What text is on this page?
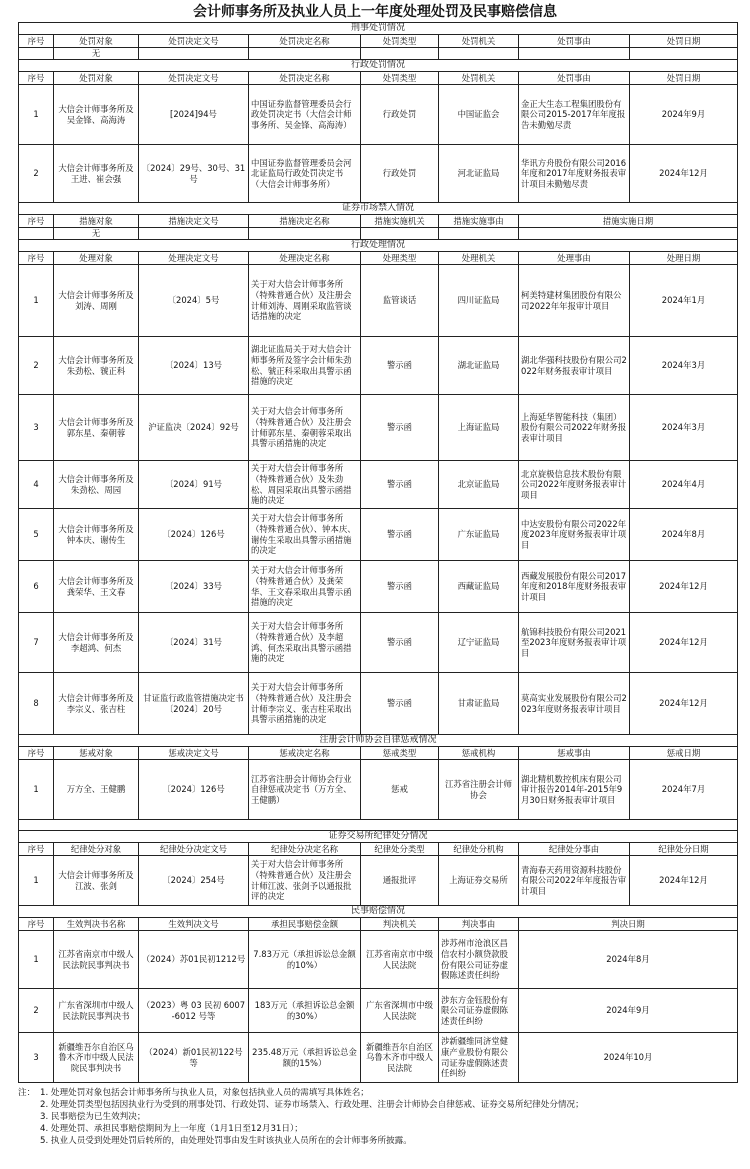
会计师事务所及执业人员上一年度处理处罚及民事赔偿信息
刑事处罚情况							
序号	处罚对象	处罚决定文号	处罚决定名称	处罚类型	处罚机关	处罚事由	处罚日期
	无						
行政处罚情况							
序号	处罚对象	处罚决定文号	处罚决定名称	处罚类型	处罚机关	处罚事由	处罚日期
1	大信会计师事务所及吴金锋、高海涛	[2024]94号	中国证券监督管理委员会行政处罚决定书（大信会计师事务所、吴金锋、高海涛）	行政处罚	中国证监会	金正大生态工程集团股份有限公司2015-2017年年度报告未勤勉尽责	2024年9月
2	大信会计师事务所及王进、崔会强	〔2024〕29号、30号、31号	中国证券监督管理委员会河北证监局行政处罚决定书（大信会计师事务所）	行政处罚	河北证监局	华讯方舟股份有限公司2016年度和2017年度财务报表审计项目未勤勉尽责	2024年12月
证券市场禁入情况							
序号	措施对象	措施决定文号	措施决定名称	措施实施机关	措施实施事由	措施实施日期	
	无						
行政处理情况							
序号	处理对象	处理决定文号	处理决定名称	处理类型	处理机关	处理事由	处理日期
1	大信会计师事务所及刘涛、周刚	〔2024〕5号	关于对大信会计师事务所（特殊普通合伙）及注册会计师刘涛、周刚采取监管谈话措施的决定	监管谈话	四川证监局	柯美特建材集团股份有限公司2022年年报审计项目	2024年1月
2	大信会计师事务所及朱劲松、虢正科	〔2024〕13号	湖北证监局关于对大信会计师事务所及签字会计师朱劲松、虢正科采取出具警示函措施的决定	警示函	湖北证监局	湖北华强科技股份有限公司2022年财务报表审计项目	2024年3月
3	大信会计师事务所及郭东星、秦朝蓉	沪证监决〔2024〕92号	关于对大信会计师事务所（特殊普通合伙）及注册会计师郭东星、秦朝蓉采取出具警示函措施的决定	警示函	上海证监局	上海延华智能科技（集团）股份有限公司2022年财务报表审计项目	2024年3月
4	大信会计师事务所及朱劲松、周园	〔2024〕91号	关于对大信会计师事务所（特殊普通合伙）及朱劲松、周园采取出具警示函措施的决定	警示函	北京证监局	北京旋极信息技术股份有限公司2022年度财务报表审计项目	2024年4月
5	大信会计师事务所及钟本庆、谢传生	〔2024〕126号	关于对大信会计师事务所（特殊普通合伙）、钟本庆、谢传生采取出具警示函措施的决定	警示函	广东证监局	中达安股份有限公司2022年度2023年度财务报表审计项目	2024年8月
6	大信会计师事务所及龚荣华、王文春	〔2024〕33号	关于对大信会计师事务所（特殊普通合伙）及龚荣华、王文春采取出具警示函措施的决定	警示函	西藏证监局	西藏发展股份有限公司2017年度和2018年度财务报表审计项目	2024年12月
7	大信会计师事务所及李超鸿、何杰	〔2024〕31号	关于对大信会计师事务所（特殊普通合伙）及李超鸿、何杰采取出具警示函措施的决定	警示函	辽宁证监局	航锦科技股份有限公司2021至2023年度财务报表审计项目	2024年12月
8	大信会计师事务所及李宗义、张吉柱	甘证监行政监管措施决定书〔2024〕20号	关于对大信会计师事务所（特殊普通合伙）及注册会计师李宗义、张吉柱采取出具警示函措施的决定	警示函	甘肃证监局	莫高实业发展股份有限公司2023年度财务报表审计项目	2024年12月
注册会计师协会自律惩戒情况							
序号	惩戒对象	惩戒决定文号	惩戒决定名称	惩戒类型	惩戒机构	惩戒事由	惩戒日期
1	万方全、王健鹏	〔2024〕126号	江苏省注册会计师协会行业自律惩戒决定书（万方全、王健鹏）	惩戒	江苏省注册会计师协会	湖北精机数控机床有限公司审计报告2014年-2015年9月30日财务报表审计项目	2024年7月

证券交易所纪律处分情况							
序号	纪律处分对象	纪律处分决定文号	纪律处分决定名称	纪律处分类型	纪律处分机构	纪律处分事由	纪律处分日期
1	大信会计师事务所及江波、张剑	〔2024〕254号	关于对大信会计师事务所（特殊普通合伙）及注册会计师江波、张剑予以通报批评的决定	通报批评	上海证券交易所	青海春天药用资源科技股份有限公司2022年年度报告审计项目	2024年12月
民事赔偿情况							
序号	生效判决书名称	生效判决文号	承担民事赔偿金额	判决机关	判决事由	判决日期	
1	江苏省南京市中级人民法院民事判决书	（2024）苏01民初1212号	7.83万元（承担诉讼总金额的10%）	江苏省南京市中级人民法院	涉苏州市沧浪区昌信农村小额贷款股份有限公司证券虚假陈述责任纠纷	2024年8月	
2	广东省深圳市中级人民法院民事判决书	（2023）粤 03 民初 6007-6012 号等	183万元（承担诉讼总金额的30%）	广东省深圳市中级人民法院	涉东方金钰股份有限公司证券虚假陈述责任纠纷	2024年9月	
3	新疆维吾尔自治区乌鲁木齐市中级人民法院民事判决书	（2024）新01民初122号等	235.48万元（承担诉讼总金额的15%）	新疆维吾尔自治区乌鲁木齐市中级人民法院	涉新疆维同济堂健康产业股份有限公司证券虚假陈述责任纠纷	2024年10月	
注： 1. 处理处罚对象包括会计师事务所与执业人员，对象包括执业人员的需填写具体姓名；
2. 处理处罚类型包括因执业行为受到的刑事处罚、行政处罚、证券市场禁入、行政处理、注册会计师协会自律惩戒、证券交易所纪律处分情况；
3. 民事赔偿为已生效判决；
4. 处理处罚、承担民事赔偿期间为上一年度（1月1日至12月31日）；
5. 执业人员受到处理处罚后转所的，由处理处罚事由发生时该执业人员所在的会计师事务所披露。
